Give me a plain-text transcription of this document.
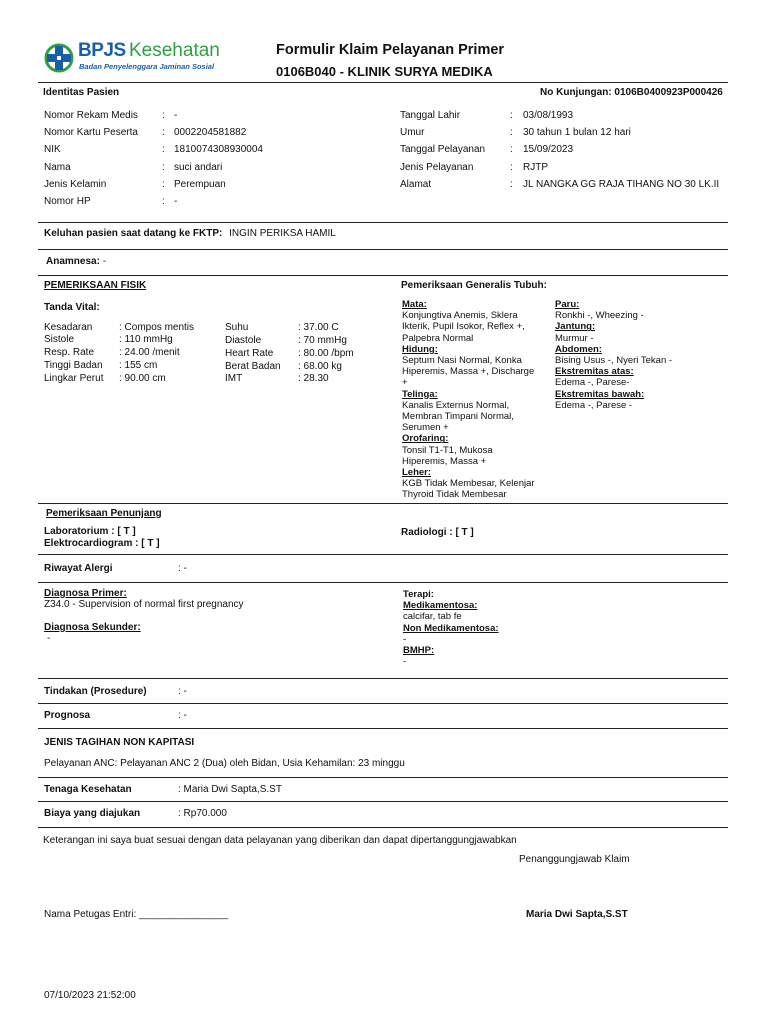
BPJS Kesehatan
Badan Penyelenggara Jaminan Sosial
Formulir Klaim Pelayanan Primer
0106B040 - KLINIK SURYA MEDIKA
Identitas Pasien	No Kunjungan: 0106B0400923P000426
Nomor Rekam Medis : -
Nomor Kartu Peserta : 0002204581882
NIK	: 1810074308930004
Nama	: suci andari
Jenis Kelamin	: Perempuan
Nomor HP	: -
Tanggal Lahir	: 03/08/1993
Umur	: 30 tahun 1 bulan 12 hari
Tanggal Pelayanan : 15/09/2023
Jenis Pelayanan	: RJTP
Alamat	: JL NANGKA GG RAJA TIHANG NO 30 LK.II
Keluhan pasien saat datang ke FKTP: INGIN PERIKSA HAMIL
Anamnesa: -
PEMERIKSAAN FISIK
Tanda Vital:
Kesadaran	: Compos mentis
Sistole	: 110 mmHg
Resp. Rate : 24.00 /menit
Tinggi Badan : 155 cm
Lingkar Perut : 90.00 cm
Suhu	: 37.00 C
Diastole	: 70 mmHg
Heart Rate : 80.00 /bpm
Berat Badan : 68.00 kg
IMT	: 28.30
Pemeriksaan Generalis Tubuh:
Mata:
Konjungtiva Anemis, Sklera
Ikterik, Pupil Isokor, Reflex +,
Palpebra Normal
Hidung:
Septum Nasi Normal, Konka
Hiperemis, Massa +, Discharge
+
Telinga:
Kanalis Externus Normal,
Membran Timpani Normal,
Serumen +
Orofaring:
Tonsil T1-T1, Mukosa
Hiperemis, Massa +
Leher:
KGB Tidak Membesar, Kelenjar
Thyroid Tidak Membesar
Paru:
Ronkhi -, Wheezing -
Jantung:
Murmur -
Abdomen:
Bising Usus -, Nyeri Tekan -
Ekstremitas atas:
Edema -, Parese-
Ekstremitas bawah:
Edema -, Parese -
Pemeriksaan Penunjang
Laboratorium : [ T ]
Elektrocardiogram : [ T ]
Radiologi : [ T ]
Riwayat Alergi	: -
Diagnosa Primer:
Z34.0 - Supervision of normal first pregnancy
Diagnosa Sekunder:
-
Terapi:
Medikamentosa:
calcifar, tab fe
Non Medikamentosa:
-
BMHP:
-
Tindakan (Prosedure)	: -
Prognosa	: -
JENIS TAGIHAN NON KAPITASI
Pelayanan ANC: Pelayanan ANC 2 (Dua) oleh Bidan, Usia Kehamilan: 23 minggu
Tenaga Kesehatan	: Maria Dwi Sapta,S.ST
Biaya yang diajukan	: Rp70.000
Keterangan ini saya buat sesuai dengan data pelayanan yang diberikan dan dapat dipertanggungjawabkan
Penanggungjawab Klaim
Nama Petugas Entri: ________________	Maria Dwi Sapta,S.ST
07/10/2023 21:52:00
